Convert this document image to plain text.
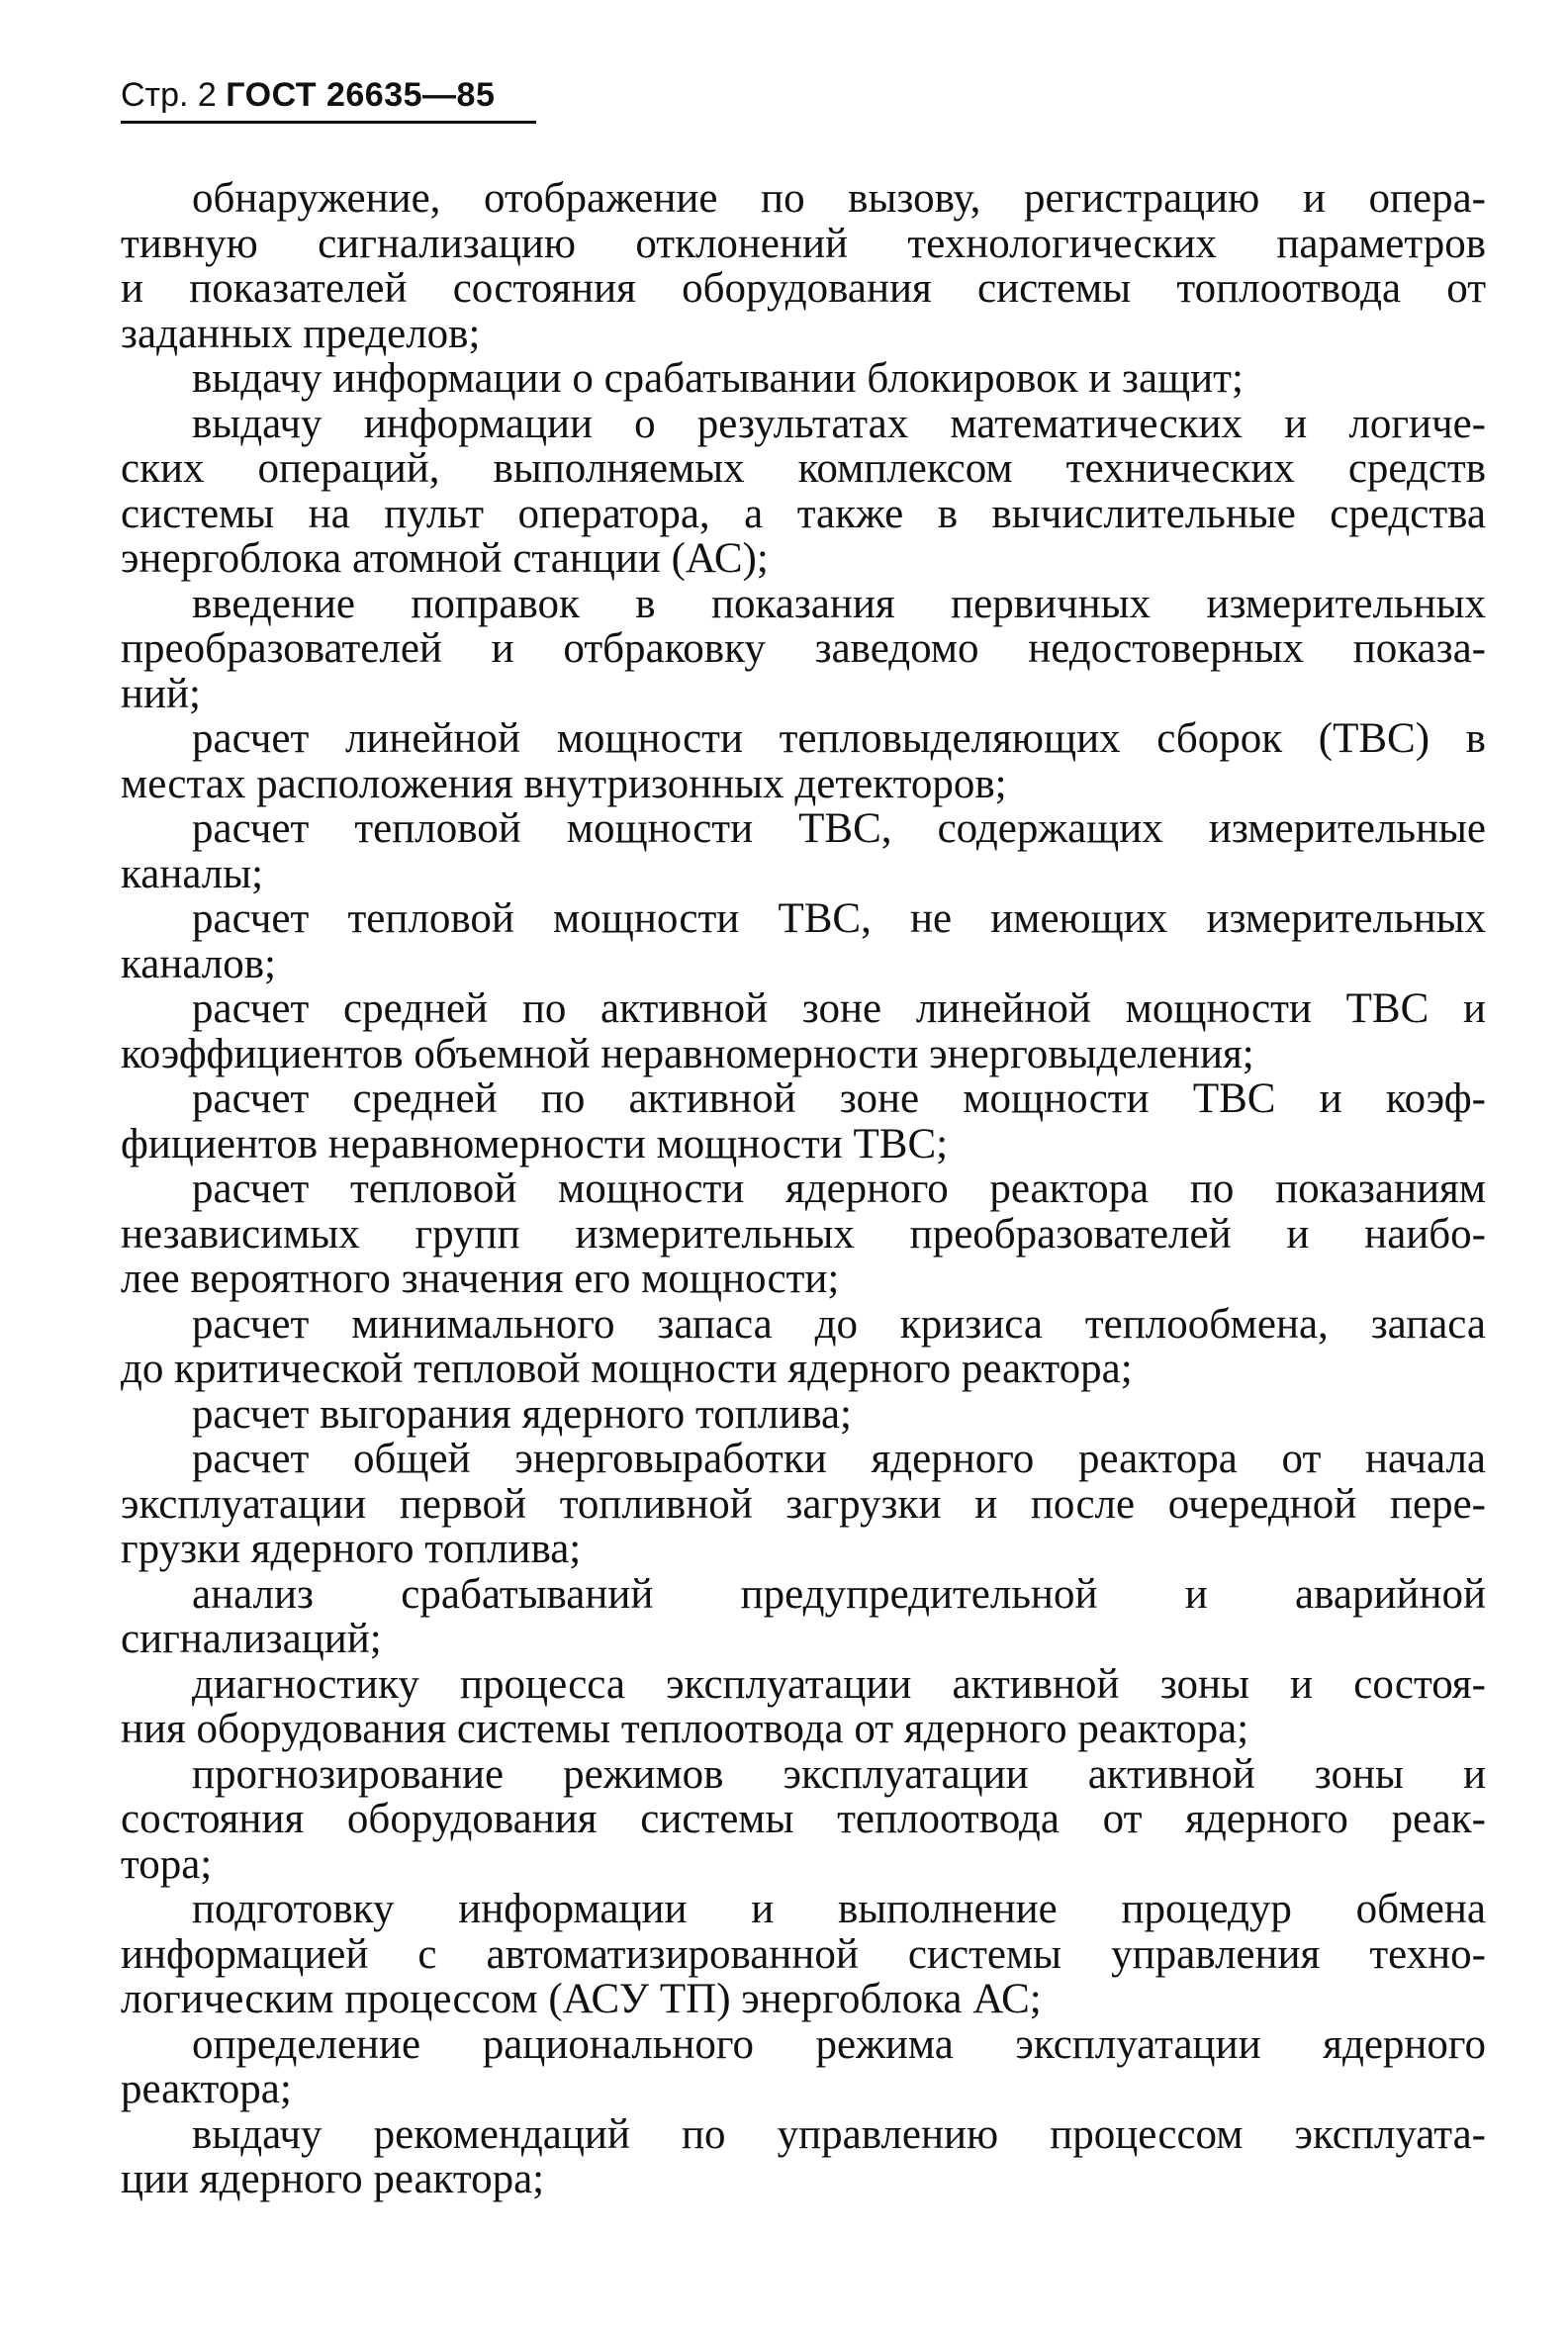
Стр. 2 ГОСТ 26635—85
обнаружение, отображение по вызову, регистрацию и опера-
тивную сигнализацию отклонений технологических параметров
и показателей состояния оборудования системы топлоотвода от
заданных пределов;
выдачу информации о срабатывании блокировок и защит;
выдачу информации о результатах математических и логиче-
ских операций, выполняемых комплексом технических средств
системы на пульт оператора, а также в вычислительные средства
энергоблока атомной станции (АС);
введение поправок в показания первичных измерительных
преобразователей и отбраковку заведомо недостоверных показа-
ний;
расчет линейной мощности тепловыделяющих сборок (ТВС) в
местах расположения внутризонных детекторов;
расчет тепловой мощности ТВС, содержащих измерительные
каналы;
расчет тепловой мощности ТВС, не имеющих измерительных
каналов;
расчет средней по активной зоне линейной мощности ТВС и
коэффициентов объемной неравномерности энерговыделения;
расчет средней по активной зоне мощности ТВС и коэф-
фициентов неравномерности мощности ТВС;
расчет тепловой мощности ядерного реактора по показаниям
независимых групп измерительных преобразователей и наибо-
лее вероятного значения его мощности;
расчет минимального запаса до кризиса теплообмена, запаса
до критической тепловой мощности ядерного реактора;
расчет выгорания ядерного топлива;
расчет общей энерговыработки ядерного реактора от начала
эксплуатации первой топливной загрузки и после очередной пере-
грузки ядерного топлива;
анализ срабатываний предупредительной и аварийной
сигнализаций;
диагностику процесса эксплуатации активной зоны и состоя-
ния оборудования системы теплоотвода от ядерного реактора;
прогнозирование режимов эксплуатации активной зоны и
состояния оборудования системы теплоотвода от ядерного реак-
тора;
подготовку информации и выполнение процедур обмена
информацией с автоматизированной системы управления техно-
логическим процессом (АСУ ТП) энергоблока АС;
определение рационального режима эксплуатации ядерного
реактора;
выдачу рекомендаций по управлению процессом эксплуата-
ции ядерного реактора;
